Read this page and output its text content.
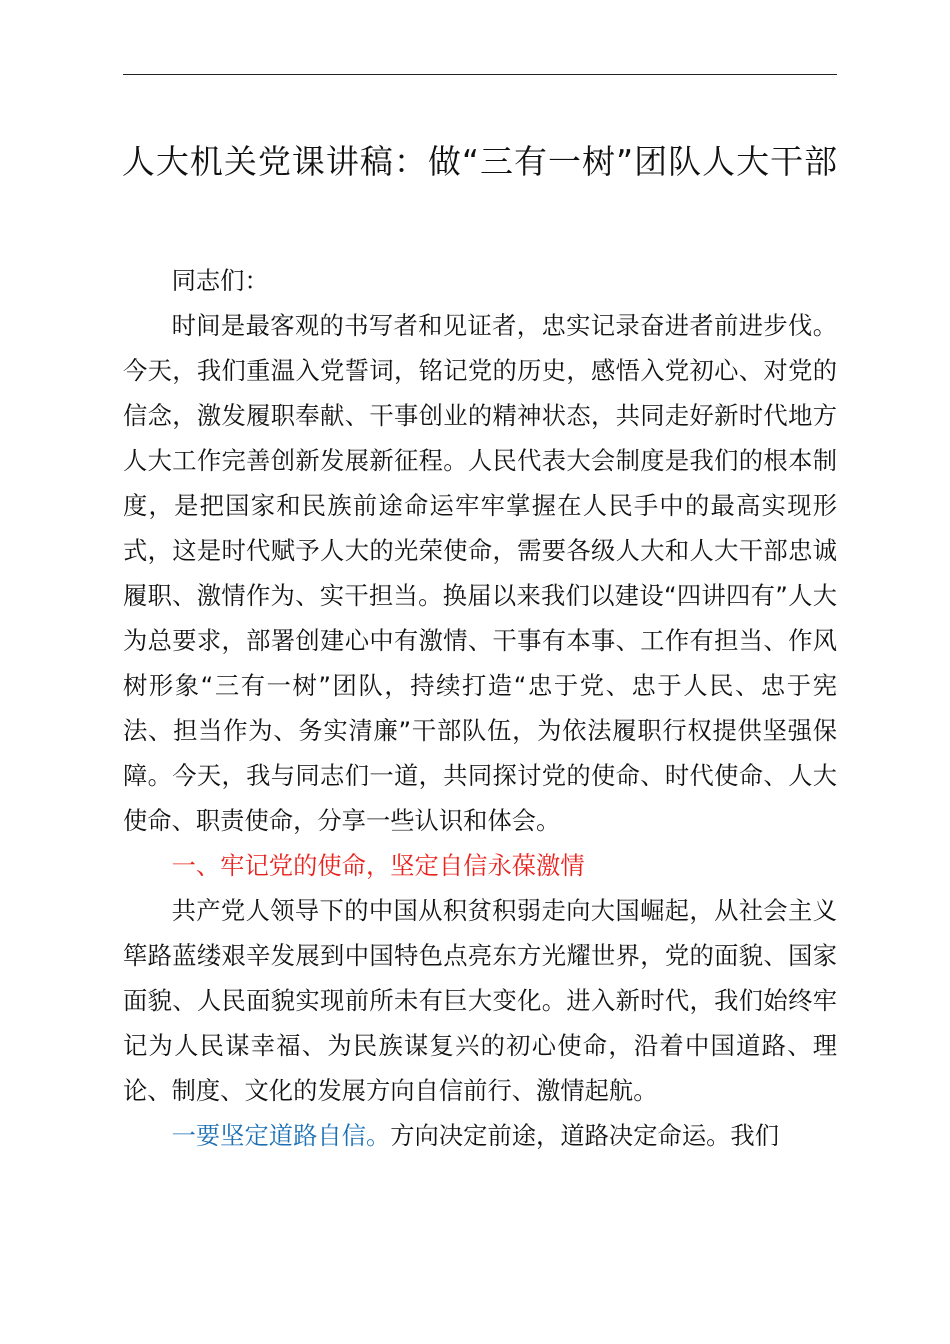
人大机关党课讲稿：做“三有一树”团队人大干部

同志们：

时间是最客观的书写者和见证者，忠实记录奋进者前进步伐。今天，我们重温入党誓词，铭记党的历史，感悟入党初心、对党的信念，激发履职奉献、干事创业的精神状态，共同走好新时代地方人大工作完善创新发展新征程。人民代表大会制度是我们的根本制度，是把国家和民族前途命运牢牢掌握在人民手中的最高实现形式，这是时代赋予人大的光荣使命，需要各级人大和人大干部忠诚履职、激情作为、实干担当。换届以来我们以建设“四讲四有”人大为总要求，部署创建心中有激情、干事有本事、工作有担当、作风树形象“三有一树”团队，持续打造“忠于党、忠于人民、忠于宪法、担当作为、务实清廉”干部队伍，为依法履职行权提供坚强保障。今天，我与同志们一道，共同探讨党的使命、时代使命、人大使命、职责使命，分享一些认识和体会。

一、牢记党的使命，坚定自信永葆激情

共产党人领导下的中国从积贫积弱走向大国崛起，从社会主义筚路蓝缕艰辛发展到中国特色点亮东方光耀世界，党的面貌、国家面貌、人民面貌实现前所未有巨大变化。进入新时代，我们始终牢记为人民谋幸福、为民族谋复兴的初心使命，沿着中国道路、理论、制度、文化的发展方向自信前行、激情起航。

一要坚定道路自信。方向决定前途，道路决定命运。我们
